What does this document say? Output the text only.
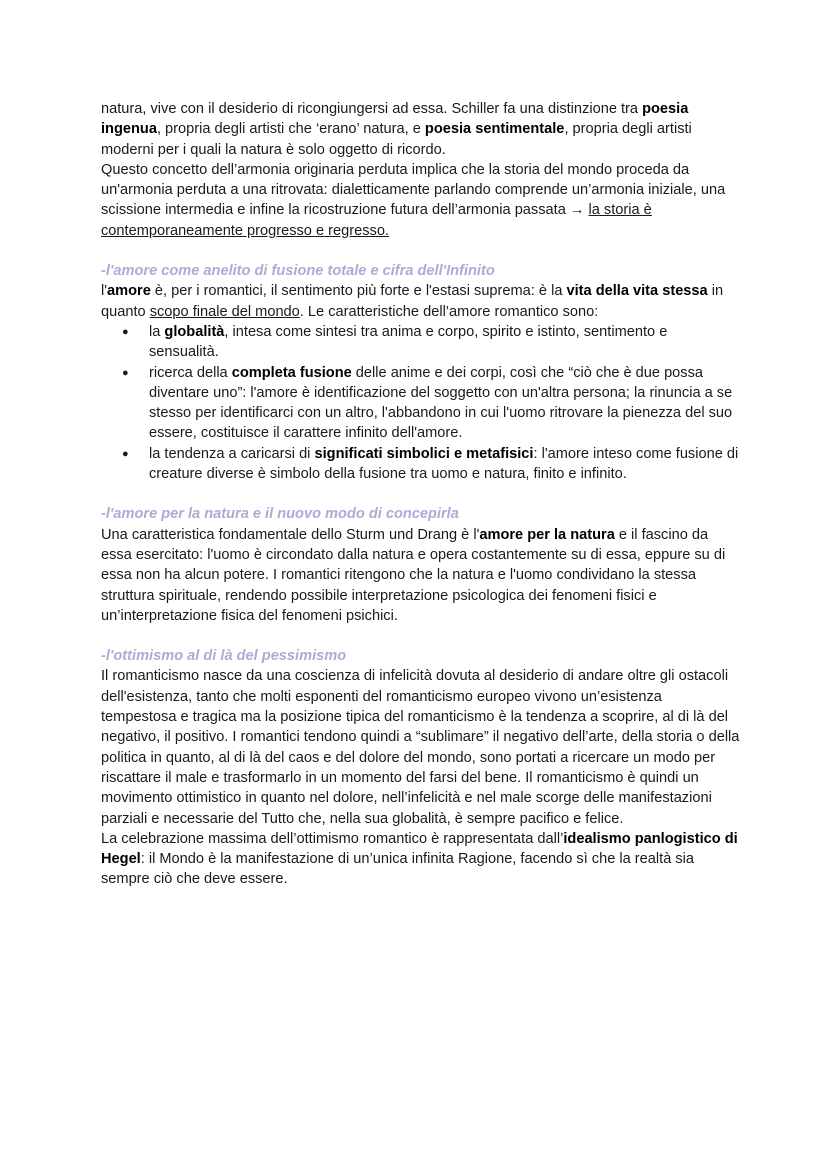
natura, vive con il desiderio di ricongiungersi ad essa. Schiller fa una distinzione tra poesia ingenua, propria degli artisti che ‘erano’ natura, e poesia sentimentale, propria degli artisti moderni per i quali la natura è solo oggetto di ricordo.

Questo concetto dell’armonia originaria perduta implica che la storia del mondo proceda da un'armonia perduta a una ritrovata: dialetticamente parlando comprende un’armonia iniziale, una scissione intermedia e infine la ricostruzione futura dell’armonia passata → la storia è contemporaneamente progresso e regresso.

-l'amore come anelito di fusione totale e cifra dell'Infinito

l'amore è, per i romantici, il sentimento più forte e l'estasi suprema: è la vita della vita stessa in quanto scopo finale del mondo. Le caratteristiche dell’amore romantico sono:

● la globalità, intesa come sintesi tra anima e corpo, spirito e istinto, sentimento e sensualità.
● ricerca della completa fusione delle anime e dei corpi, così che “ciò che è due possa diventare uno”: l'amore è identificazione del soggetto con un'altra persona; la rinuncia a se stesso per identificarci con un altro, l'abbandono in cui l'uomo ritrovare la pienezza del suo essere, costituisce il carattere infinito dell'amore.
● la tendenza a caricarsi di significati simbolici e metafisici: l'amore inteso come fusione di creature diverse è simbolo della fusione tra uomo e natura, finito e infinito.
-l'amore per la natura e il nuovo modo di concepirla

Una caratteristica fondamentale dello Sturm und Drang è l'amore per la natura e il fascino da essa esercitato: l'uomo è circondato dalla natura e opera costantemente su di essa, eppure su di essa non ha alcun potere. I romantici ritengono che la natura e l'uomo condividano la stessa struttura spirituale, rendendo possibile interpretazione psicologica dei fenomeni fisici e un’interpretazione fisica del fenomeni psichici.

-l'ottimismo al di là del pessimismo

Il romanticismo nasce da una coscienza di infelicità dovuta al desiderio di andare oltre gli ostacoli dell'esistenza, tanto che molti esponenti del romanticismo europeo vivono un’esistenza tempestosa e tragica ma la posizione tipica del romanticismo è la tendenza a scoprire, al di là del negativo, il positivo. I romantici tendono quindi a “sublimare” il negativo dell’arte, della storia o della politica in quanto, al di là del caos e del dolore del mondo, sono portati a ricercare un modo per riscattare il male e trasformarlo in un momento del farsi del bene. Il romanticismo è quindi un movimento ottimistico in quanto nel dolore, nell’infelicità e nel male scorge delle manifestazioni parziali e necessarie del Tutto che, nella sua globalità, è sempre pacifico e felice.

La celebrazione massima dell’ottimismo romantico è rappresentata dall’idealismo panlogistico di Hegel: il Mondo è la manifestazione di un’unica infinita Ragione, facendo sì che la realtà sia sempre ciò che deve essere.
